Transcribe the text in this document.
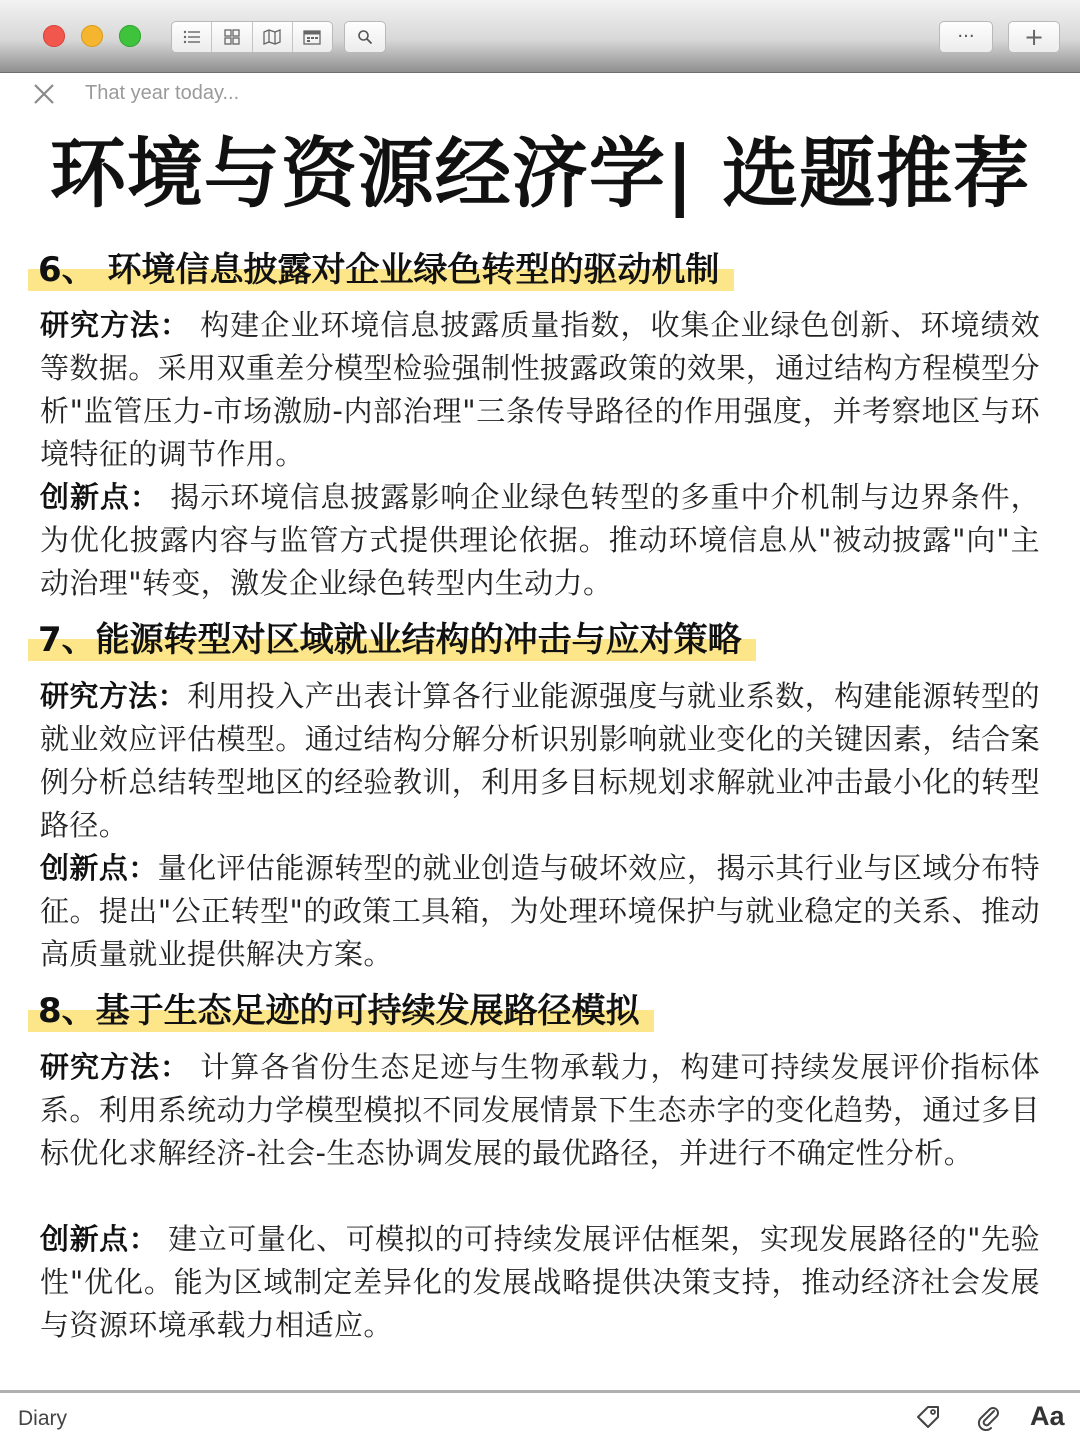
··· +
That year today...
环境与资源经济学| 选题推荐
6、 环境信息披露对企业绿色转型的驱动机制
研究方法： 构建企业环境信息披露质量指数，收集企业绿色创新、环境绩效等数据。采用双重差分模型检验强制性披露政策的效果，通过结构方程模型分析"监管压力-市场激励-内部治理"三条传导路径的作用强度，并考察地区与环境特征的调节作用。
创新点： 揭示环境信息披露影响企业绿色转型的多重中介机制与边界条件，为优化披露内容与监管方式提供理论依据。推动环境信息从"被动披露"向"主动治理"转变，激发企业绿色转型内生动力。
7、能源转型对区域就业结构的冲击与应对策略
研究方法：利用投入产出表计算各行业能源强度与就业系数，构建能源转型的就业效应评估模型。通过结构分解分析识别影响就业变化的关键因素，结合案例分析总结转型地区的经验教训，利用多目标规划求解就业冲击最小化的转型路径。
创新点：量化评估能源转型的就业创造与破坏效应，揭示其行业与区域分布特征。提出"公正转型"的政策工具箱，为处理环境保护与就业稳定的关系、推动高质量就业提供解决方案。
8、基于生态足迹的可持续发展路径模拟
研究方法： 计算各省份生态足迹与生物承载力，构建可持续发展评价指标体系。利用系统动力学模型模拟不同发展情景下生态赤字的变化趋势，通过多目标优化求解经济-社会-生态协调发展的最优路径，并进行不确定性分析。
创新点： 建立可量化、可模拟的可持续发展评估框架，实现发展路径的"先验性"优化。能为区域制定差异化的发展战略提供决策支持，推动经济社会发展与资源环境承载力相适应。
Diary	Aa
